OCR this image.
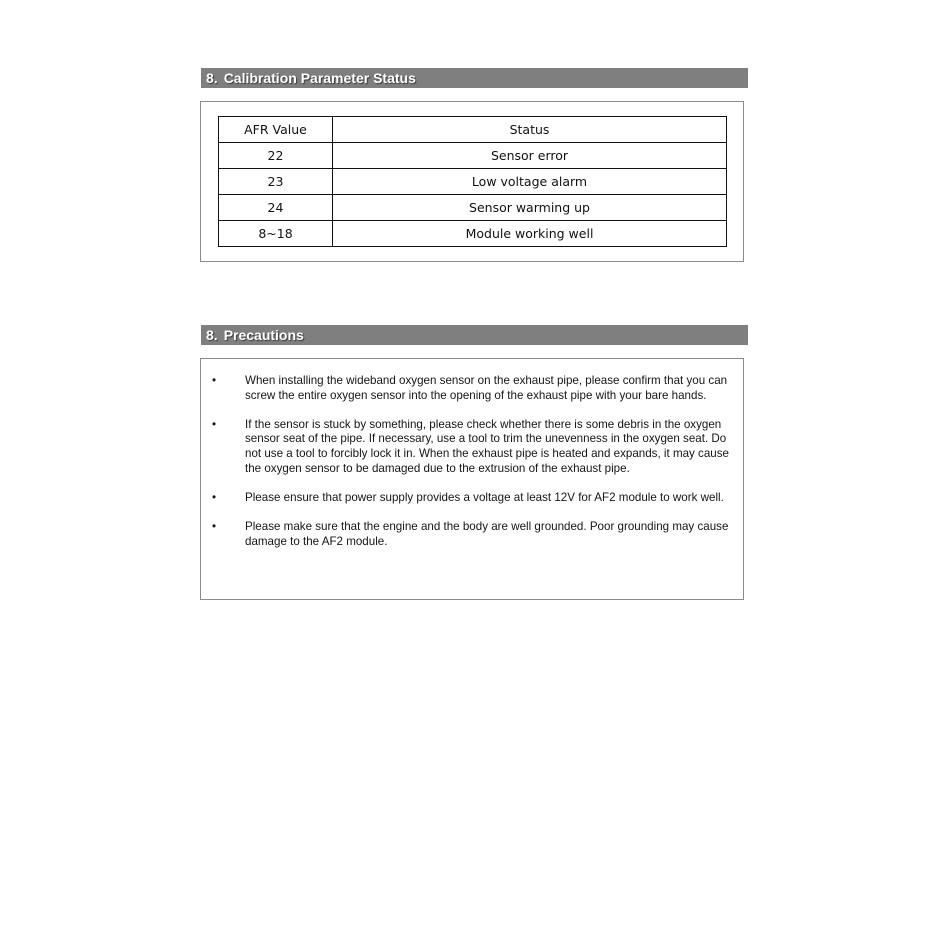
8. Calibration Parameter Status
AFR Value	Status
22	Sensor error
23	Low voltage alarm
24	Sensor warming up
8~18	Module working well
8. Precautions
• When installing the wideband oxygen sensor on the exhaust pipe, please confirm that you can screw the entire oxygen sensor into the opening of the exhaust pipe with your bare hands.
• If the sensor is stuck by something, please check whether there is some debris in the oxygen sensor seat of the pipe. If necessary, use a tool to trim the unevenness in the oxygen seat. Do not use a tool to forcibly lock it in. When the exhaust pipe is heated and expands, it may cause the oxygen sensor to be damaged due to the extrusion of the exhaust pipe.
• Please ensure that power supply provides a voltage at least 12V for AF2 module to work well.
• Please make sure that the engine and the body are well grounded. Poor grounding may cause damage to the AF2 module.
